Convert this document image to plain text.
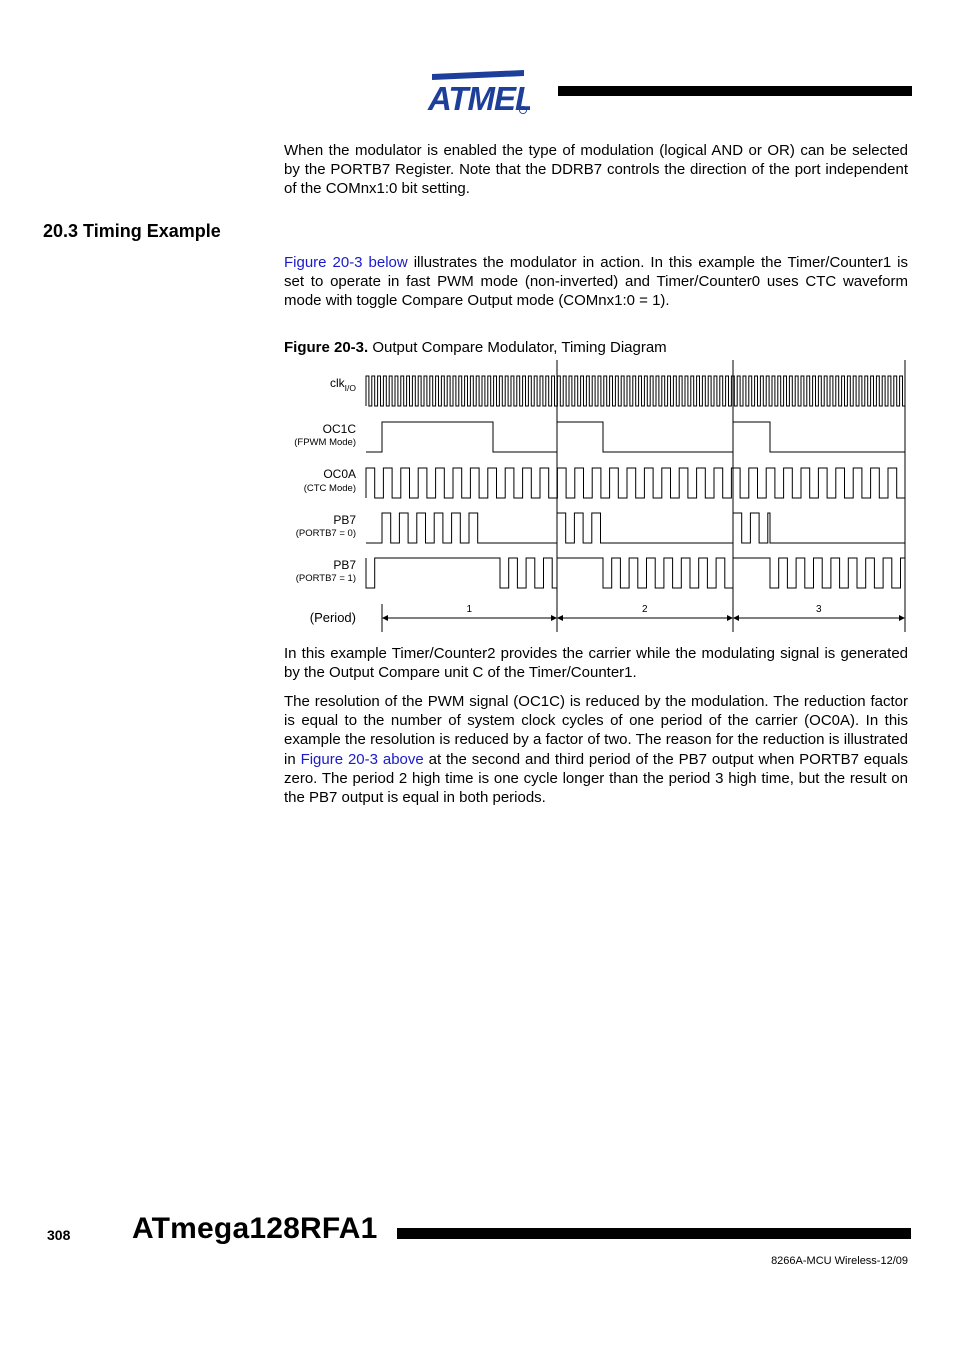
ATMEL

When the modulator is enabled the type of modulation (logical AND or OR) can be selected by the PORTB7 Register. Note that the DDRB7 controls the direction of the port independent of the COMnx1:0 bit setting.

20.3 Timing Example

Figure 20-3 below illustrates the modulator in action. In this example the Timer/Counter1 is set to operate in fast PWM mode (non-inverted) and Timer/Counter0 uses CTC waveform mode with toggle Compare Output mode (COMnx1:0 = 1).

Figure 20-3. Output Compare Modulator, Timing Diagram
clk$_{I/O}$
OC1C
(FPWM Mode)
OC0A
(CTC Mode)
PB7
(PORTB7 = 0)
PB7
(PORTB7 = 1)
(Period)
1	2	3

In this example Timer/Counter2 provides the carrier while the modulating signal is generated by the Output Compare unit C of the Timer/Counter1.

The resolution of the PWM signal (OC1C) is reduced by the modulation. The reduction factor is equal to the number of system clock cycles of one period of the carrier (OC0A). In this example the resolution is reduced by a factor of two. The reason for the reduction is illustrated in Figure 20-3 above at the second and third period of the PB7 output when PORTB7 equals zero. The period 2 high time is one cycle longer than the period 3 high time, but the result on the PB7 output is equal in both periods.

308 ATmega128RFA1
8266A-MCU Wireless-12/09
